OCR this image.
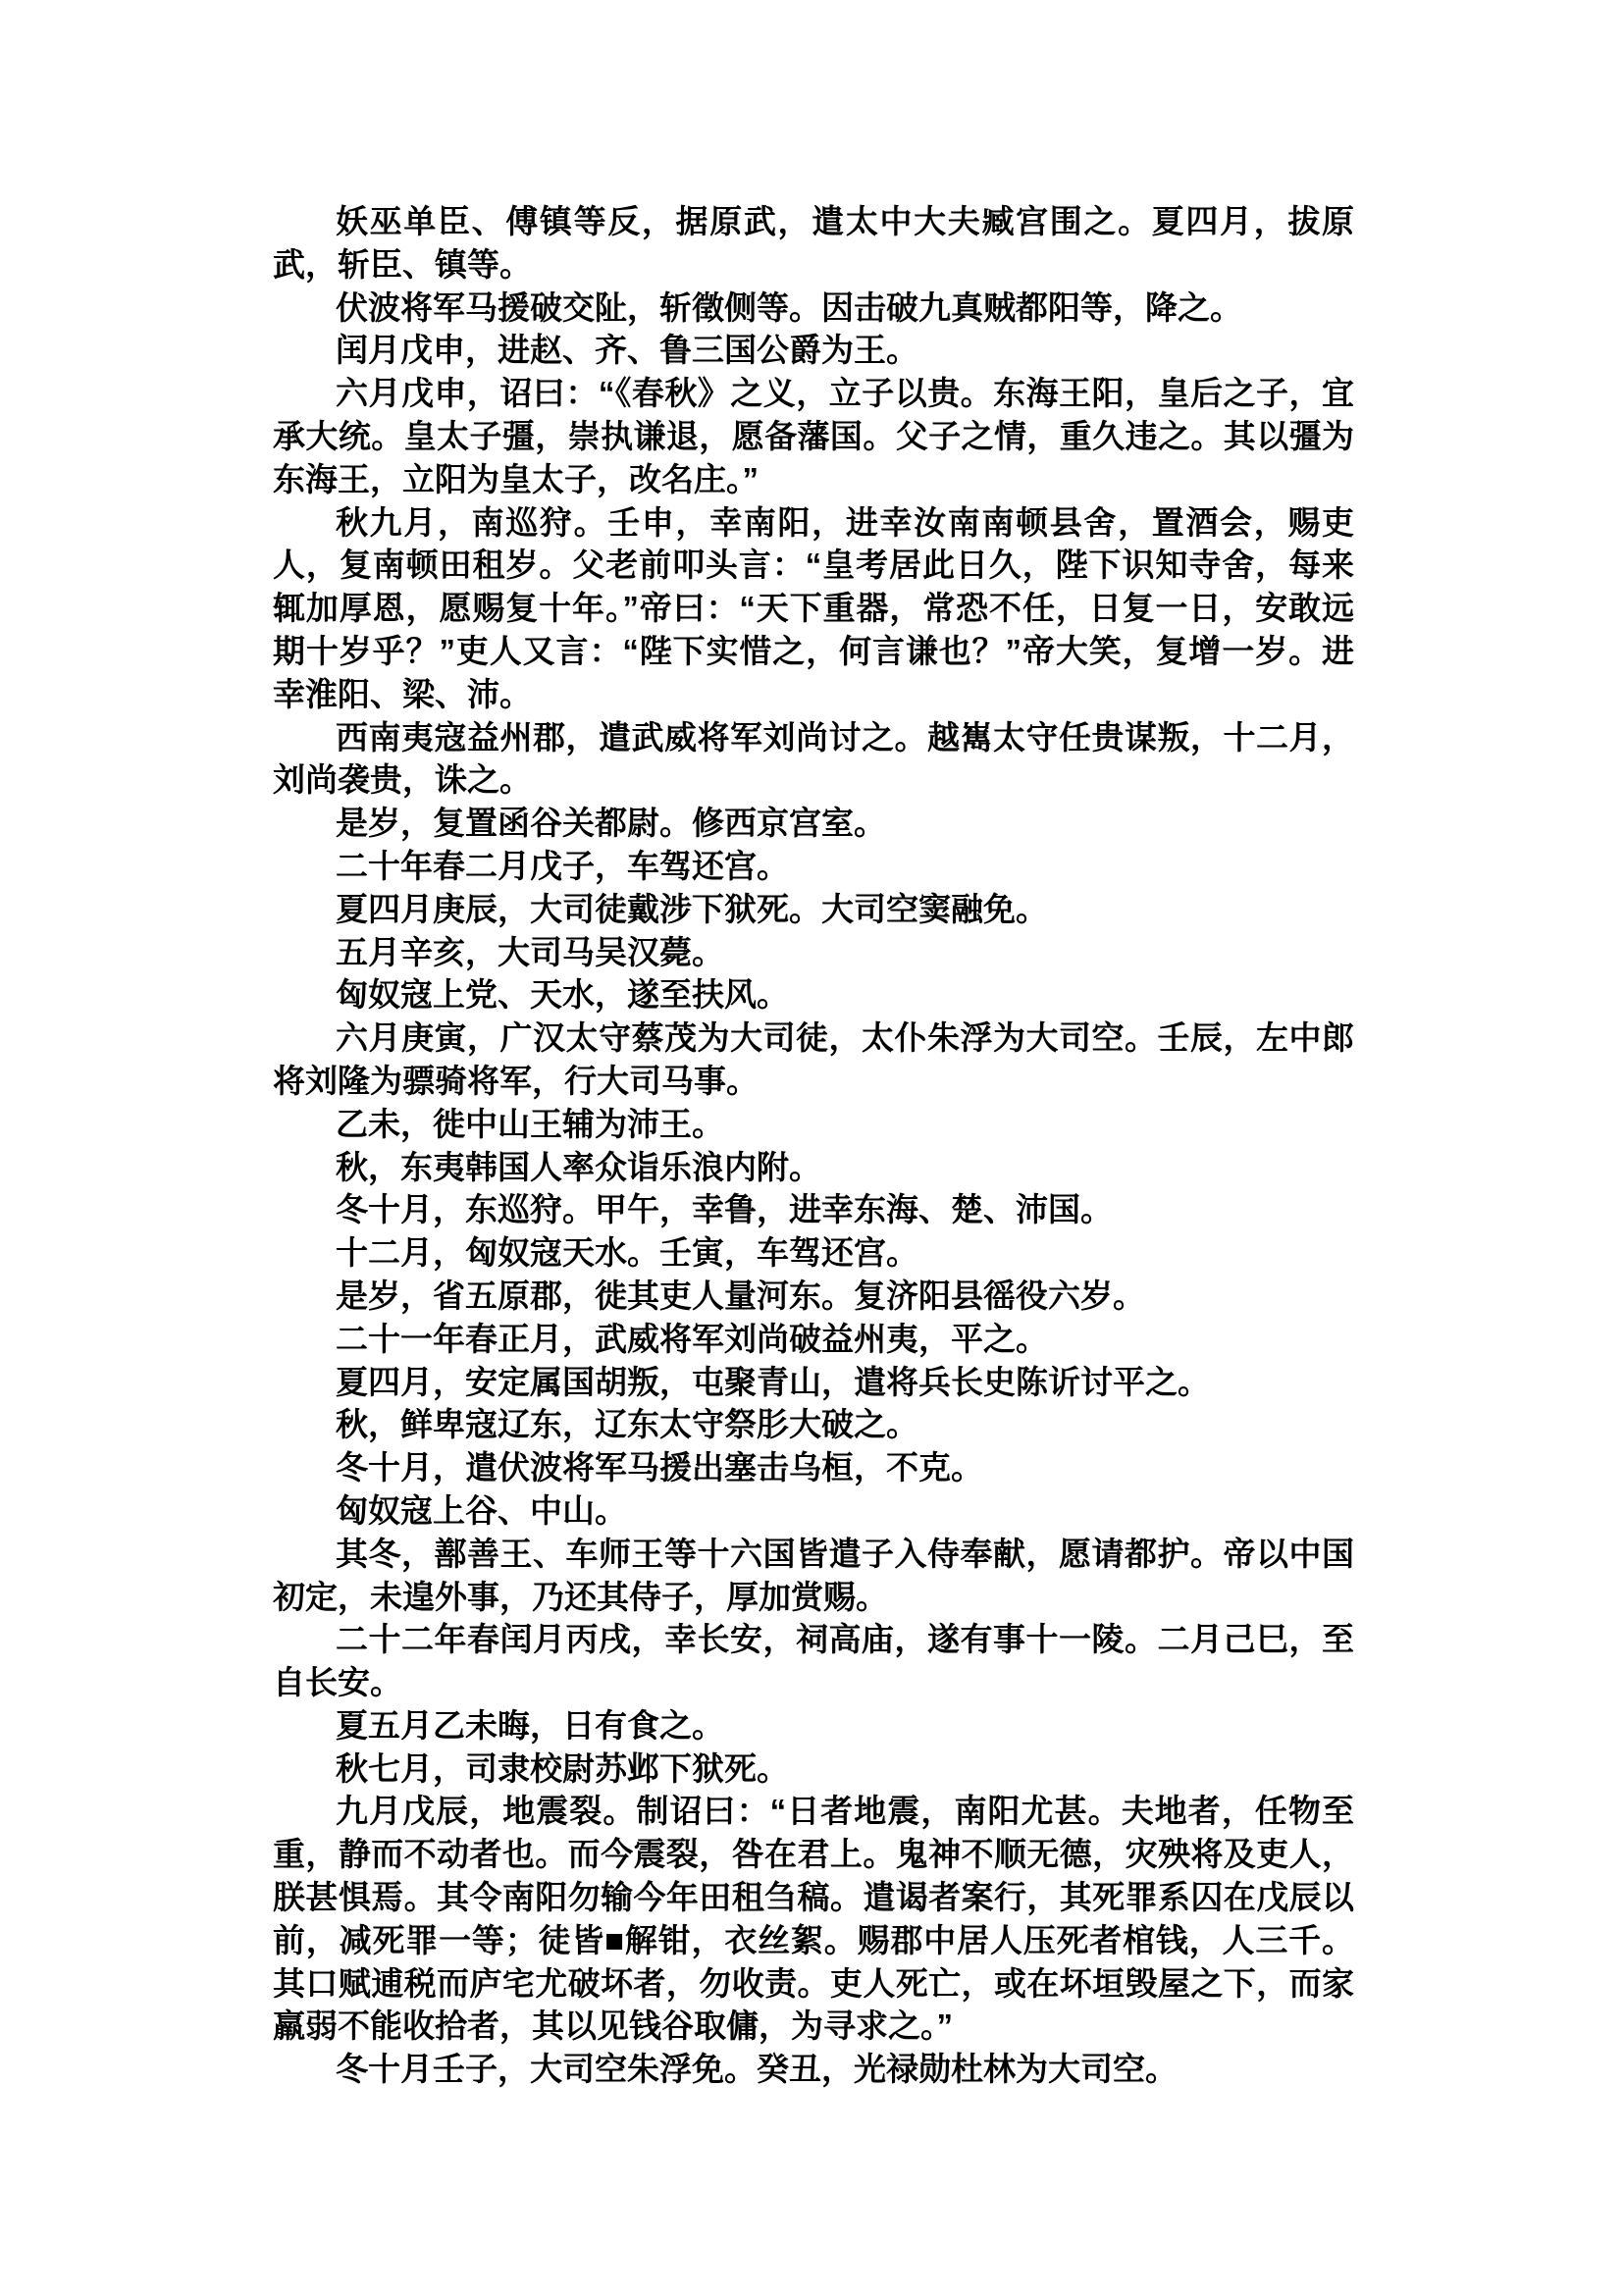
妖巫单臣、傅镇等反，据原武，遣太中大夫臧宫围之。夏四月，拔原武，斩臣、镇等。

伏波将军马援破交阯，斩徵侧等。因击破九真贼都阳等，降之。

闰月戊申，进赵、齐、鲁三国公爵为王。

六月戊申，诏曰：“《春秋》之义，立子以贵。东海王阳，皇后之子，宜承大统。皇太子彊，崇执谦退，愿备藩国。父子之情，重久违之。其以彊为东海王，立阳为皇太子，改名庄。”

秋九月，南巡狩。壬申，幸南阳，进幸汝南南顿县舍，置酒会，赐吏人，复南顿田租岁。父老前叩头言：“皇考居此日久，陛下识知寺舍，每来辄加厚恩，愿赐复十年。”帝曰：“天下重器，常恐不任，日复一日，安敢远期十岁乎？”吏人又言：“陛下实惜之，何言谦也？”帝大笑，复增一岁。进幸淮阳、梁、沛。

西南夷寇益州郡，遣武威将军刘尚讨之。越嶲太守任贵谋叛，十二月，刘尚袭贵，诛之。

是岁，复置函谷关都尉。修西京宫室。

二十年春二月戊子，车驾还宫。

夏四月庚辰，大司徒戴涉下狱死。大司空窦融免。

五月辛亥，大司马吴汉薨。

匈奴寇上党、天水，遂至扶风。

六月庚寅，广汉太守蔡茂为大司徒，太仆朱浮为大司空。壬辰，左中郎将刘隆为骠骑将军，行大司马事。

乙未，徙中山王辅为沛王。

秋，东夷韩国人率众诣乐浪内附。

冬十月，东巡狩。甲午，幸鲁，进幸东海、楚、沛国。

十二月，匈奴寇天水。壬寅，车驾还宫。

是岁，省五原郡，徙其吏人量河东。复济阳县徭役六岁。

二十一年春正月，武威将军刘尚破益州夷，平之。

夏四月，安定属国胡叛，屯聚青山，遣将兵长史陈䜣讨平之。

秋，鲜卑寇辽东，辽东太守祭肜大破之。

冬十月，遣伏波将军马援出塞击乌桓，不克。

匈奴寇上谷、中山。

其冬，鄯善王、车师王等十六国皆遣子入侍奉献，愿请都护。帝以中国初定，未遑外事，乃还其侍子，厚加赏赐。

二十二年春闰月丙戌，幸长安，祠高庙，遂有事十一陵。二月己巳，至自长安。

夏五月乙未晦，日有食之。

秋七月，司隶校尉苏邺下狱死。

九月戊辰，地震裂。制诏曰：“日者地震，南阳尤甚。夫地者，任物至重，静而不动者也。而今震裂，咎在君上。鬼神不顺无德，灾殃将及吏人，朕甚惧焉。其令南阳勿输今年田租刍稿。遣谒者案行，其死罪系囚在戊辰以前，减死罪一等；徒皆■解钳，衣丝絮。赐郡中居人压死者棺钱，人三千。其口赋逋税而庐宅尤破坏者，勿收责。吏人死亡，或在坏垣毁屋之下，而家羸弱不能收拾者，其以见钱谷取傭，为寻求之。”

冬十月壬子，大司空朱浮免。癸丑，光禄勋杜林为大司空。
